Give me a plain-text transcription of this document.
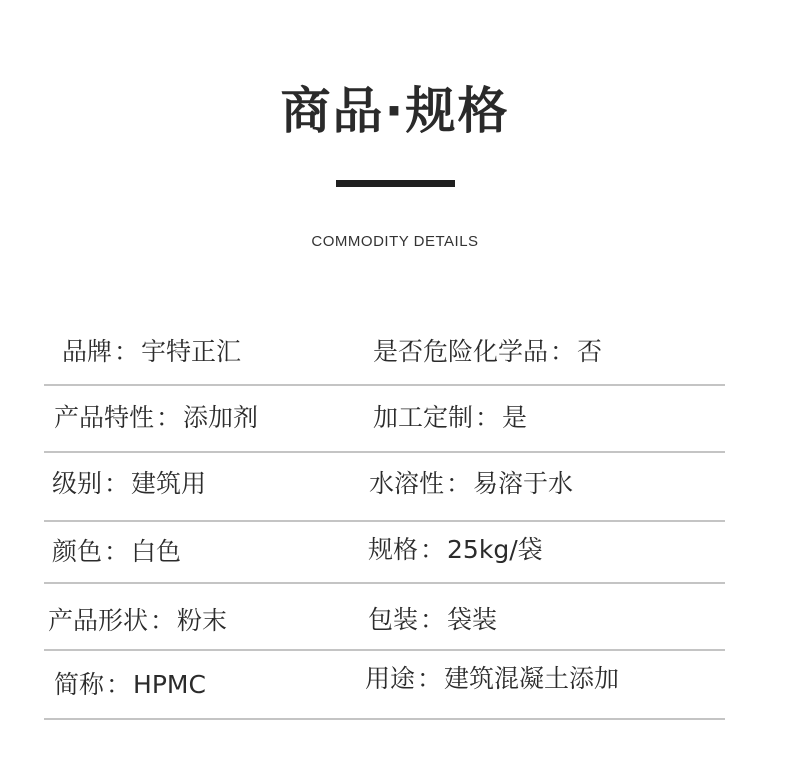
商品·规格
COMMODITY DETAILS
品牌：宇特正汇	是否危险化学品：否
产品特性：添加剂	加工定制：是
级别：建筑用	水溶性：易溶于水
颜色：白色	规格：25kg/袋
产品形状：粉末	包装：袋装
简称：HPMC	用途：建筑混凝土添加
